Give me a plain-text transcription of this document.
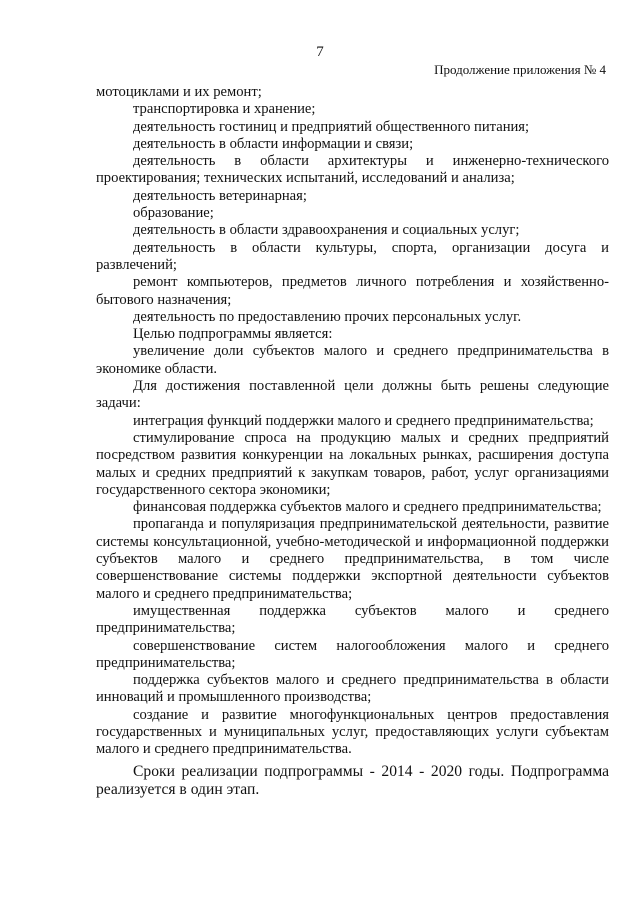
7
Продолжение приложения № 4

мотоциклами и их ремонт;

транспортировка и хранение;

деятельность гостиниц и предприятий общественного питания;

деятельность в области информации и связи;

деятельность в области архитектуры и инженерно-технического проектирования; технических испытаний, исследований и анализа;

деятельность ветеринарная;

образование;

деятельность в области здравоохранения и социальных услуг;

деятельность в области культуры, спорта, организации досуга и развлечений;

ремонт компьютеров, предметов личного потребления и хозяйственно-бытового назначения;

деятельность по предоставлению прочих персональных услуг.

Целью подпрограммы является:

увеличение доли субъектов малого и среднего предпринимательства в экономике области.

Для достижения поставленной цели должны быть решены следующие задачи:

интеграция функций поддержки малого и среднего предпринимательства;

стимулирование спроса на продукцию малых и средних предприятий посредством развития конкуренции на локальных рынках, расширения доступа малых и средних предприятий к закупкам товаров, работ, услуг организациями государственного сектора экономики;

финансовая поддержка субъектов малого и среднего предпринимательства;

пропаганда и популяризация предпринимательской деятельности, развитие системы консультационной, учебно-методической и информационной поддержки субъектов малого и среднего предпринимательства, в том числе совершенствование системы поддержки экспортной деятельности субъектов малого и среднего предпринимательства;

имущественная поддержка субъектов малого и среднего предпринимательства;

совершенствование систем налогообложения малого и среднего предпринимательства;

поддержка субъектов малого и среднего предпринимательства в области инноваций и промышленного производства;

создание и развитие многофункциональных центров предоставления государственных и муниципальных услуг, предоставляющих услуги субъектам малого и среднего предпринимательства.

Сроки реализации подпрограммы - 2014 - 2020 годы. Подпрограмма реализуется в один этап.
